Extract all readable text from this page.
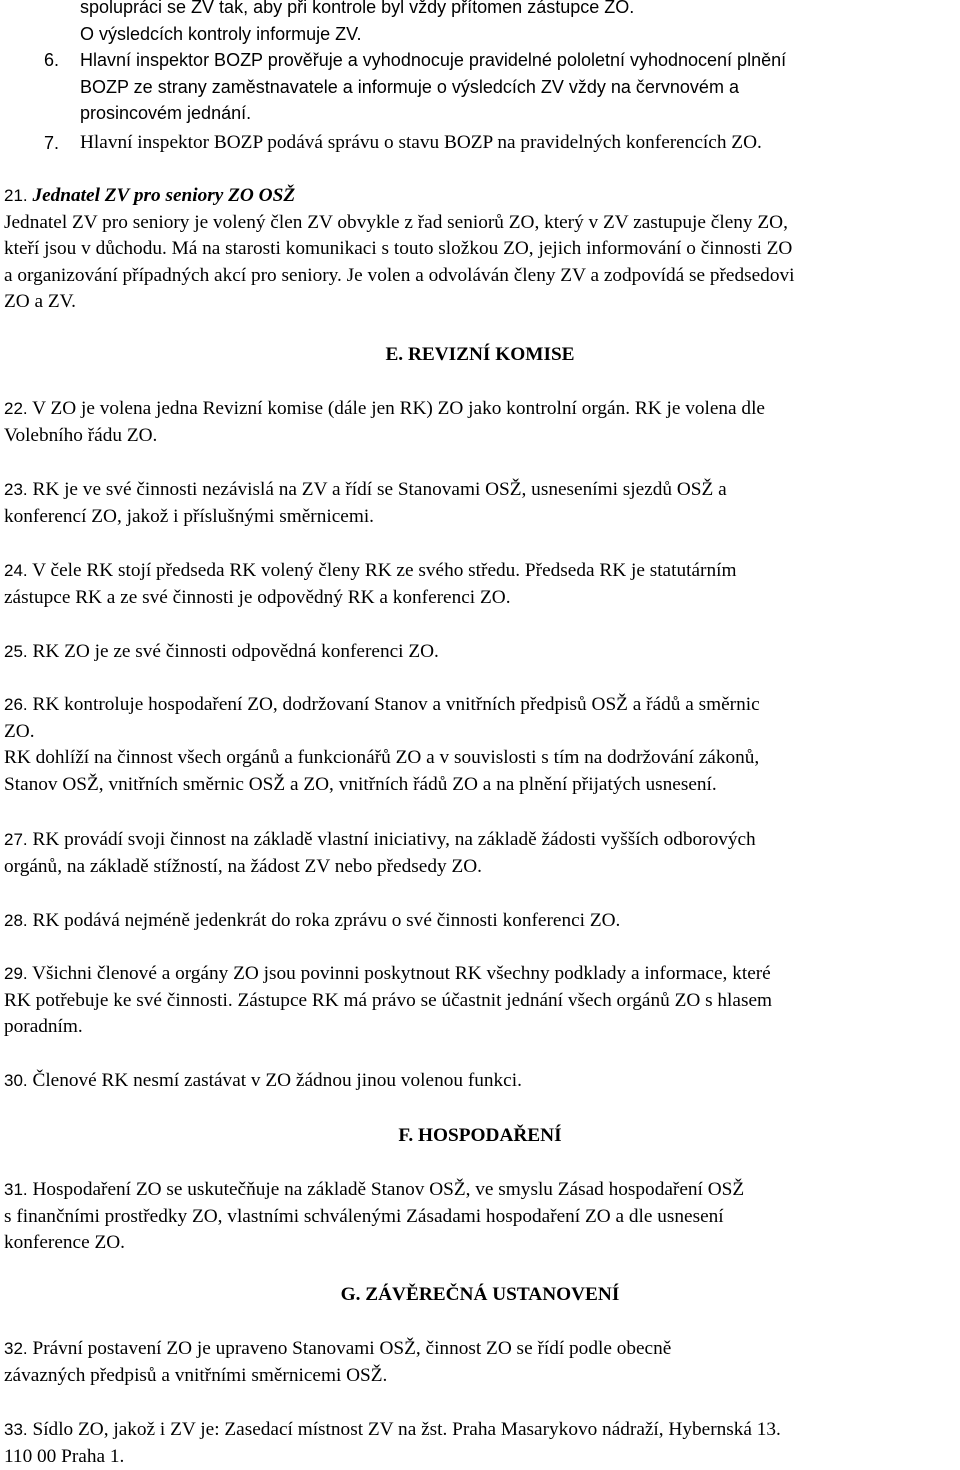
spolupráci se ZV tak, aby při kontrole byl vždy přítomen zástupce ZO.
O výsledcích kontroly informuje ZV.
6. Hlavní inspektor BOZP prověřuje a vyhodnocuje pravidelné pololetní vyhodnocení plnění
BOZP ze strany zaměstnavatele a informuje o výsledcích ZV vždy na červnovém a
prosincovém jednání.
7. Hlavní inspektor BOZP podává správu o stavu BOZP na pravidelných konferencích ZO.
21. Jednatel ZV pro seniory ZO OSŽ
Jednatel ZV pro seniory je volený člen ZV obvykle z řad seniorů ZO, který v ZV zastupuje členy ZO,
kteří jsou v důchodu. Má na starosti komunikaci s touto složkou ZO, jejich informování o činnosti ZO
a organizování případných akcí pro seniory. Je volen a odvoláván členy ZV a zodpovídá se předsedovi
ZO a ZV.
E. REVIZNÍ KOMISE
22. V ZO je volena jedna Revizní komise (dále jen RK) ZO jako kontrolní orgán. RK je volena dle
Volebního řádu ZO.
23. RK je ve své činnosti nezávislá na ZV a řídí se Stanovami OSŽ, usneseními sjezdů OSŽ a
konferencí ZO, jakož i příslušnými směrnicemi.
24. V čele RK stojí předseda RK volený členy RK ze svého středu. Předseda RK je statutárním
zástupce RK a ze své činnosti je odpovědný RK a konferenci ZO.
25. RK ZO je ze své činnosti odpovědná konferenci ZO.
26. RK kontroluje hospodaření ZO, dodržovaní Stanov a vnitřních předpisů OSŽ a řádů a směrnic
ZO.
RK dohlíží na činnost všech orgánů a funkcionářů ZO a v souvislosti s tím na dodržování zákonů,
Stanov OSŽ, vnitřních směrnic OSŽ a ZO, vnitřních řádů ZO a na plnění přijatých usnesení.
27. RK provádí svoji činnost na základě vlastní iniciativy, na základě žádosti vyšších odborových
orgánů, na základě stížností, na žádost ZV nebo předsedy ZO.
28. RK podává nejméně jedenkrát do roka zprávu o své činnosti konferenci ZO.
29. Všichni členové a orgány ZO jsou povinni poskytnout RK všechny podklady a informace, které
RK potřebuje ke své činnosti. Zástupce RK má právo se účastnit jednání všech orgánů ZO s hlasem
poradním.
30. Členové RK nesmí zastávat v ZO žádnou jinou volenou funkci.
F. HOSPODAŘENÍ
31. Hospodaření ZO se uskutečňuje na základě Stanov OSŽ, ve smyslu Zásad hospodaření OSŽ
s finančními prostředky ZO, vlastními schválenými Zásadami hospodaření ZO a dle usnesení
konference ZO.
G. ZÁVĚREČNÁ USTANOVENÍ
32. Právní postavení ZO je upraveno Stanovami OSŽ, činnost ZO se řídí podle obecně
závazných předpisů a vnitřními směrnicemi OSŽ.
33. Sídlo ZO, jakož i ZV je: Zasedací místnost ZV na žst. Praha Masarykovo nádraží, Hybernská 13.
110 00 Praha 1.
